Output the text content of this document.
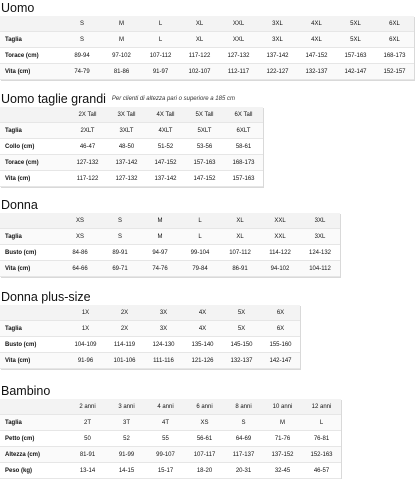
Uomo
	S	M	L	XL	XXL	3XL	4XL	5XL	6XL
Taglia	S	M	L	XL	XXL	3XL	4XL	5XL	6XL
Torace (cm)	89-94	97-102	107-112	117-122	127-132	137-142	147-152	157-163	168-173
Vita (cm)	74-79	81-86	91-97	102-107	112-117	122-127	132-137	142-147	152-157
Uomo taglie grandi $^{Per clienti di altezza pari o superiore a 185 cm}$
	2X Tall	3X Tall	4X Tall	5X Tall	6X Tall
Taglia	2XLT	3XLT	4XLT	5XLT	6XLT
Collo (cm)	46-47	48-50	51-52	53-56	58-61
Torace (cm)	127-132	137-142	147-152	157-163	168-173
Vita (cm)	117-122	127-132	137-142	147-152	157-163
Donna
	XS	S	M	L	XL	XXL	3XL
Taglia	XS	S	M	L	XL	XXL	3XL
Busto (cm)	84-86	89-91	94-97	99-104	107-112	114-122	124-132
Vita (cm)	64-66	69-71	74-76	79-84	86-91	94-102	104-112
Donna plus-size
	1X	2X	3X	4X	5X	6X
Taglia	1X	2X	3X	4X	5X	6X
Busto (cm)	104-109	114-119	124-130	135-140	145-150	155-160
Vita (cm)	91-96	101-106	111-116	121-126	132-137	142-147
Bambino
	2 anni	3 anni	4 anni	6 anni	8 anni	10 anni	12 anni
Taglia	2T	3T	4T	XS	S	M	L
Petto (cm)	50	52	55	56-61	64-69	71-76	76-81
Altezza (cm)	81-91	91-99	99-107	107-117	117-137	137-152	152-163
Peso (kg)	13-14	14-15	15-17	18-20	20-31	32-45	46-57
